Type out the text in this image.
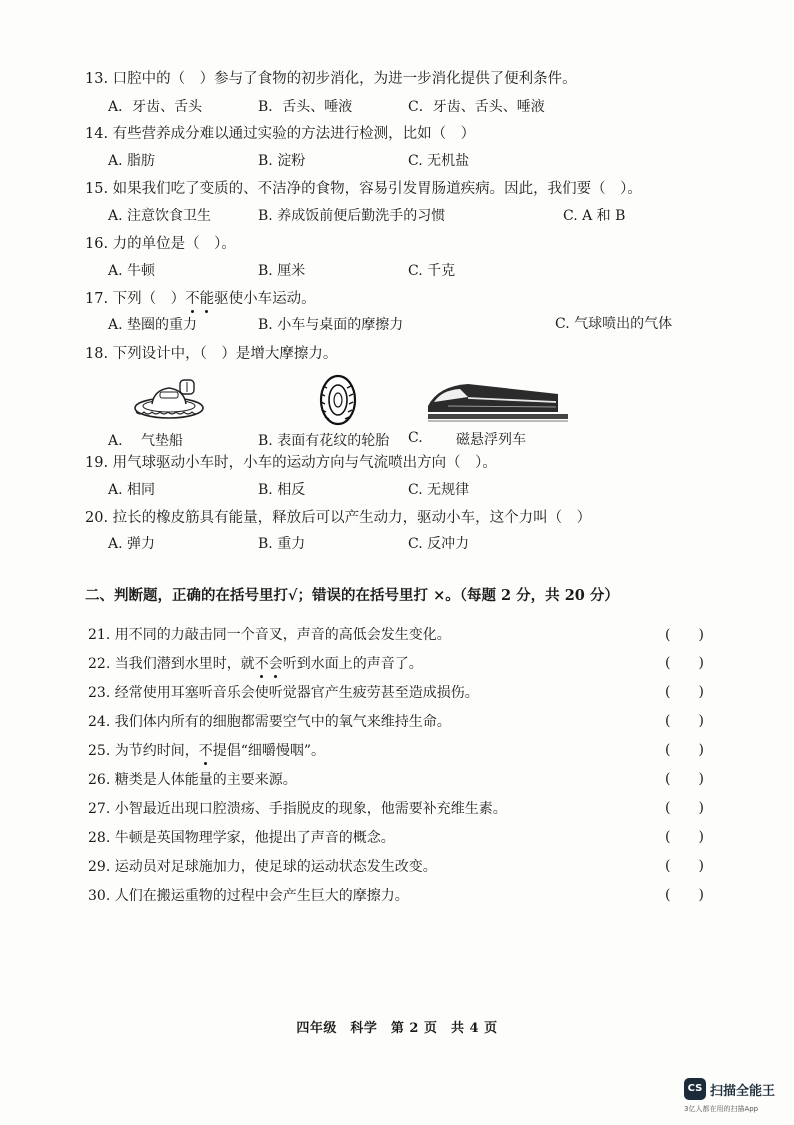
13. 口腔中的（　）参与了食物的初步消化，为进一步消化提供了便利条件。
A．牙齿、舌头	B．舌头、唾液	C．牙齿、舌头、唾液
14. 有些营养成分难以通过实验的方法进行检测，比如（　）
A. 脂肪	B. 淀粉	C. 无机盐
15. 如果我们吃了变质的、不洁净的食物，容易引发胃肠道疾病。因此，我们要（　）。
A. 注意饮食卫生	B. 养成饭前便后勤洗手的习惯	C. A 和 B
16. 力的单位是（　）。
A. 牛顿	B. 厘米	C. 千克
17. 下列（　）不能驱使小车运动。
A. 垫圈的重力	B. 小车与桌面的摩擦力	C. 气球喷出的气体
18. 下列设计中，（　）是增大摩擦力。
A.　 气垫船	B. 表面有花纹的轮胎 C. 磁悬浮列车
19. 用气球驱动小车时，小车的运动方向与气流喷出方向（　）。
A. 相同	B. 相反	C. 无规律
20. 拉长的橡皮筋具有能量，释放后可以产生动力，驱动小车，这个力叫（　）
A. 弹力	B. 重力	C. 反冲力
二、判断题，正确的在括号里打√；错误的在括号里打 ×。（每题 2 分，共 20 分）
21. 用不同的力敲击同一个音叉，声音的高低会发生变化。	(　　)
22. 当我们潜到水里时，就不会听到水面上的声音了。	(　　)
23. 经常使用耳塞听音乐会使听觉器官产生疲劳甚至造成损伤。	(　　)
24. 我们体内所有的细胞都需要空气中的氧气来维持生命。	(　　)
25. 为节约时间，不提倡“细嚼慢咽”。	(　　)
26. 糖类是人体能量的主要来源。	(　　)
27. 小智最近出现口腔溃疡、手指脱皮的现象，他需要补充维生素。	(　　)
28. 牛顿是英国物理学家，他提出了声音的概念。	(　　)
29. 运动员对足球施加力，使足球的运动状态发生改变。	(　　)
30. 人们在搬运重物的过程中会产生巨大的摩擦力。	(　　)
四年级　科学　第 2 页　共 4 页
CS 扫描全能王
3亿人都在用的扫描App
